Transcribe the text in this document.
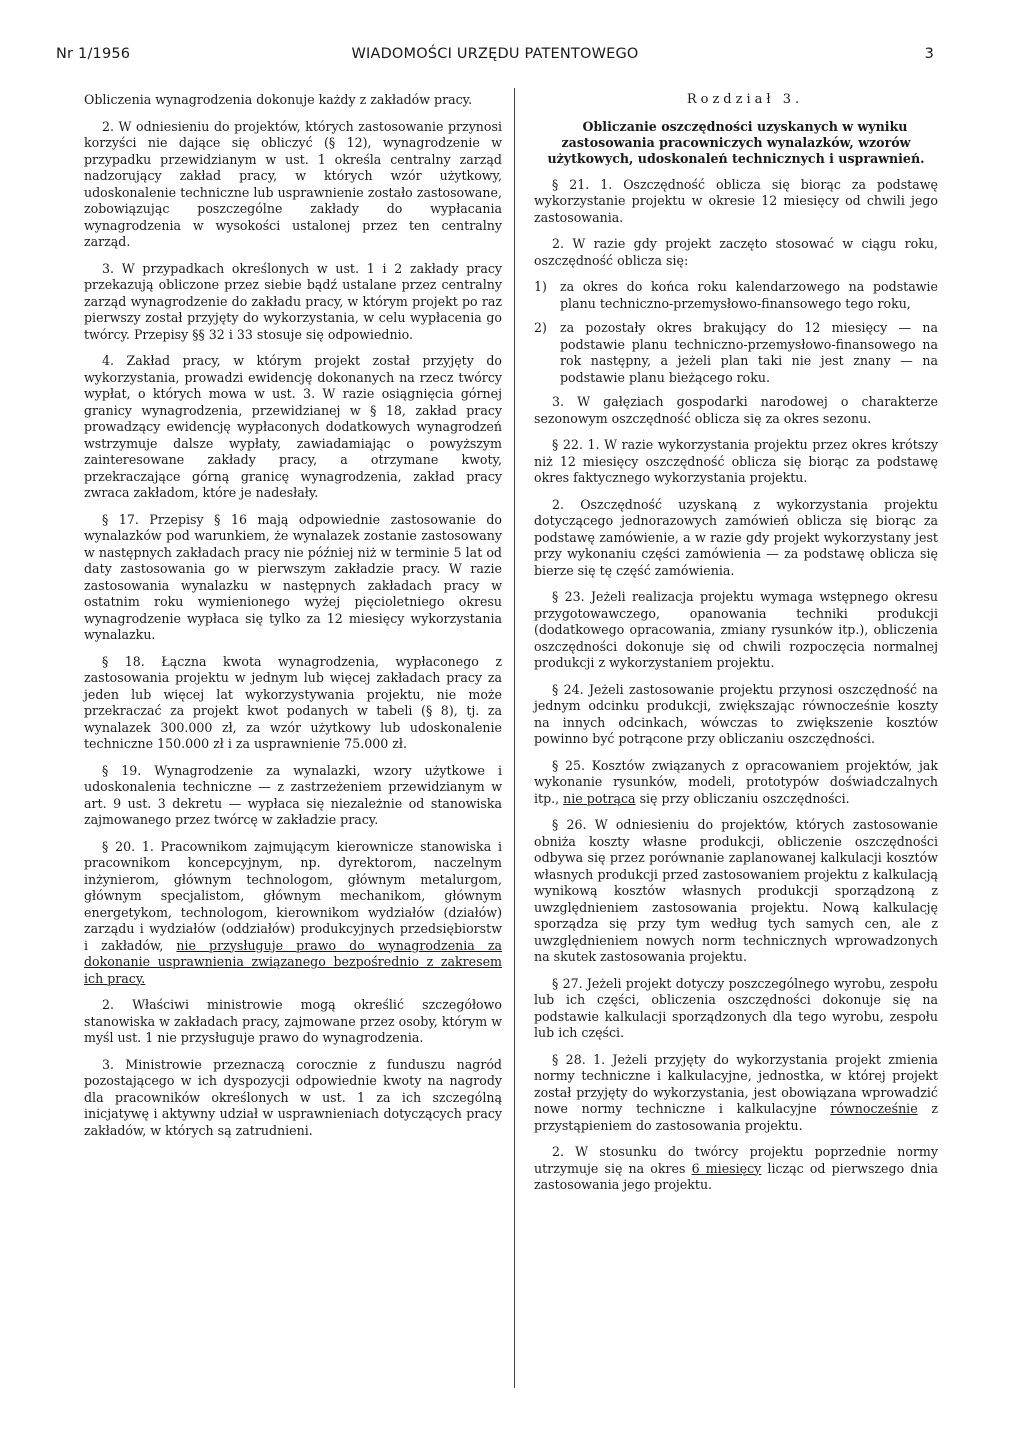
Nr 1/1956	WIADOMOŚCI URZĘDU PATENTOWEGO	3

Obliczenia wynagrodzenia dokonuje każdy z zakładów pracy.

2. W odniesieniu do projektów, których zastosowanie przynosi korzyści nie dające się obliczyć (§ 12), wynagrodzenie w przypadku przewidzianym w ust. 1 określa centralny zarząd nadzorujący zakład pracy, w których wzór użytkowy, udoskonalenie techniczne lub usprawnienie zostało zastosowane, zobowiązując poszczególne zakłady do wypłacania wynagrodzenia w wysokości ustalonej przez ten centralny zarząd.

3. W przypadkach określonych w ust. 1 i 2 zakłady pracy przekazują obliczone przez siebie bądź ustalane przez centralny zarząd wynagrodzenie do zakładu pracy, w którym projekt po raz pierwszy został przyjęty do wykorzystania, w celu wypłacenia go twórcy. Przepisy §§ 32 i 33 stosuje się odpowiednio.

4. Zakład pracy, w którym projekt został przyjęty do wykorzystania, prowadzi ewidencję dokonanych na rzecz twórcy wypłat, o których mowa w ust. 3. W razie osiągnięcia górnej granicy wynagrodzenia, przewidzianej w § 18, zakład pracy prowadzący ewidencję wypłaconych dodatkowych wynagrodzeń wstrzymuje dalsze wypłaty, zawiadamiając o powyższym zainteresowane zakłady pracy, a otrzymane kwoty, przekraczające górną granicę wynagrodzenia, zakład pracy zwraca zakładom, które je nadesłały.

§ 17. Przepisy § 16 mają odpowiednie zastosowanie do wynalazków pod warunkiem, że wynalazek zostanie zastosowany w następnych zakładach pracy nie później niż w terminie 5 lat od daty zastosowania go w pierwszym zakładzie pracy. W razie zastosowania wynalazku w następnych zakładach pracy w ostatnim roku wymienionego wyżej pięcioletniego okresu wynagrodzenie wypłaca się tylko za 12 miesięcy wykorzystania wynalazku.

§ 18. Łączna kwota wynagrodzenia, wypłaconego z zastosowania projektu w jednym lub więcej zakładach pracy za jeden lub więcej lat wykorzystywania projektu, nie może przekraczać za projekt kwot podanych w tabeli (§ 8), tj. za wynalazek 300.000 zł, za wzór użytkowy lub udoskonalenie techniczne 150.000 zł i za usprawnienie 75.000 zł.

§ 19. Wynagrodzenie za wynalazki, wzory użytkowe i udoskonalenia techniczne — z zastrzeżeniem przewidzianym w art. 9 ust. 3 dekretu — wypłaca się niezależnie od stanowiska zajmowanego przez twórcę w zakładzie pracy.

§ 20. 1. Pracownikom zajmującym kierownicze stanowiska i pracownikom koncepcyjnym, np. dyrektorom, naczelnym inżynierom, głównym technologom, głównym metalurgom, głównym specjalistom, głównym mechanikom, głównym energetykom, technologom, kierownikom wydziałów (działów) zarządu i wydziałów (oddziałów) produkcyjnych przedsiębiorstw i zakładów, nie przysługuje prawo do wynagrodzenia za dokonanie usprawnienia związanego bezpośrednio z zakresem ich pracy.

2. Właściwi ministrowie mogą określić szczegółowo stanowiska w zakładach pracy, zajmowane przez osoby, którym w myśl ust. 1 nie przysługuje prawo do wynagrodzenia.

3. Ministrowie przeznaczą corocznie z funduszu nagród pozostającego w ich dyspozycji odpowiednie kwoty na nagrody dla pracowników określonych w ust. 1 za ich szczególną inicjatywę i aktywny udział w usprawnieniach dotyczących pracy zakładów, w których są zatrudnieni.

Rozdział 3.

Obliczanie oszczędności uzyskanych w wyniku zastosowania pracowniczych wynalazków, wzorów użytkowych, udoskonaleń technicznych i usprawnień.

§ 21. 1. Oszczędność oblicza się biorąc za podstawę wykorzystanie projektu w okresie 12 miesięcy od chwili jego zastosowania.

2. W razie gdy projekt zaczęto stosować w ciągu roku, oszczędność oblicza się:

1)	za okres do końca roku kalendarzowego na podstawie planu techniczno-przemysłowo-finansowego tego roku,
2)	za pozostały okres brakujący do 12 miesięcy — na podstawie planu techniczno-przemysłowo-finansowego na rok następny, a jeżeli plan taki nie jest znany — na podstawie planu bieżącego roku.

3. W gałęziach gospodarki narodowej o charakterze sezonowym oszczędność oblicza się za okres sezonu.

§ 22. 1. W razie wykorzystania projektu przez okres krótszy niż 12 miesięcy oszczędność oblicza się biorąc za podstawę okres faktycznego wykorzystania projektu.

2. Oszczędność uzyskaną z wykorzystania projektu dotyczącego jednorazowych zamówień oblicza się biorąc za podstawę zamówienie, a w razie gdy projekt wykorzystany jest przy wykonaniu części zamówienia — za podstawę oblicza się bierze się tę część zamówienia.

§ 23. Jeżeli realizacja projektu wymaga wstępnego okresu przygotowawczego, opanowania techniki produkcji (dodatkowego opracowania, zmiany rysunków itp.), obliczenia oszczędności dokonuje się od chwili rozpoczęcia normalnej produkcji z wykorzystaniem projektu.

§ 24. Jeżeli zastosowanie projektu przynosi oszczędność na jednym odcinku produkcji, zwiększając równocześnie koszty na innych odcinkach, wówczas to zwiększenie kosztów powinno być potrącone przy obliczaniu oszczędności.

§ 25. Kosztów związanych z opracowaniem projektów, jak wykonanie rysunków, modeli, prototypów doświadczalnych itp., nie potrąca się przy obliczaniu oszczędności.

§ 26. W odniesieniu do projektów, których zastosowanie obniża koszty własne produkcji, obliczenie oszczędności odbywa się przez porównanie zaplanowanej kalkulacji kosztów własnych produkcji przed zastosowaniem projektu z kalkulacją wynikową kosztów własnych produkcji sporządzoną z uwzględnieniem zastosowania projektu. Nową kalkulację sporządza się przy tym według tych samych cen, ale z uwzględnieniem nowych norm technicznych wprowadzonych na skutek zastosowania projektu.

§ 27. Jeżeli projekt dotyczy poszczególnego wyrobu, zespołu lub ich części, obliczenia oszczędności dokonuje się na podstawie kalkulacji sporządzonych dla tego wyrobu, zespołu lub ich części.

§ 28. 1. Jeżeli przyjęty do wykorzystania projekt zmienia normy techniczne i kalkulacyjne, jednostka, w której projekt został przyjęty do wykorzystania, jest obowiązana wprowadzić nowe normy techniczne i kalkulacyjne równocześnie z przystąpieniem do zastosowania projektu.

2. W stosunku do twórcy projektu poprzednie normy utrzymuje się na okres 6 miesięcy licząc od pierwszego dnia zastosowania jego projektu.
